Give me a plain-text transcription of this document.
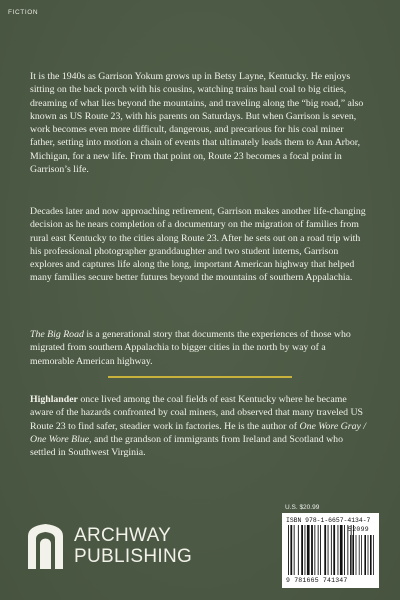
FICTION

It is the 1940s as Garrison Yokum grows up in Betsy Layne, Kentucky. He enjoys sitting on the back porch with his cousins, watching trains haul coal to big cities, dreaming of what lies beyond the mountains, and traveling along the “big road,” also known as US Route 23, with his parents on Saturdays. But when Garrison is seven, work becomes even more difficult, dangerous, and precarious for his coal miner father, setting into motion a chain of events that ultimately leads them to Ann Arbor, Michigan, for a new life. From that point on, Route 23 becomes a focal point in Garrison’s life.

Decades later and now approaching retirement, Garrison makes another life-changing decision as he nears completion of a documentary on the migration of families from rural east Kentucky to the cities along Route 23. After he sets out on a road trip with his professional photographer granddaughter and two student interns, Garrison explores and captures life along the long, important American highway that helped many families secure better futures beyond the mountains of southern Appalachia.

The Big Road is a generational story that documents the experiences of those who migrated from southern Appalachia to bigger cities in the north by way of a memorable American highway.

Highlander once lived among the coal fields of east Kentucky where he became aware of the hazards confronted by coal miners, and observed that many traveled US Route 23 to find safer, steadier work in factories. He is the author of One Wore Gray / One Wore Blue, and the grandson of immigrants from Ireland and Scotland who settled in Southwest Virginia.

ARCHWAY
PUBLISHING
U.S. $20.99
ISBN 978-1-6657-4134-7
52099
9 781665 741347
